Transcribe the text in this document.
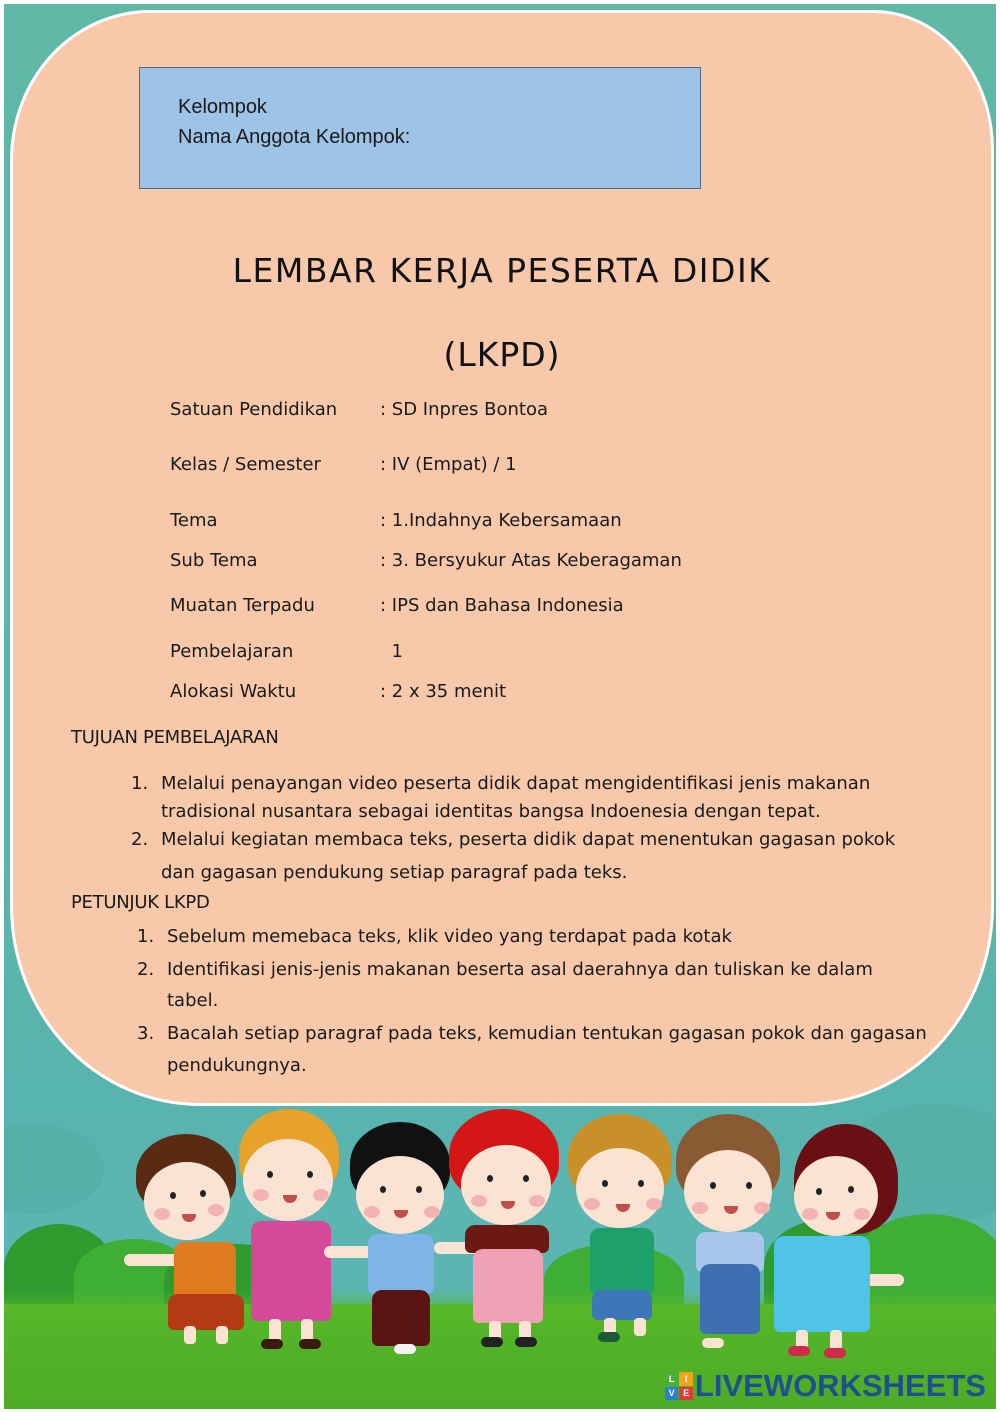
L	I
V E LIVEWORKSHEETS
Kelompok
Nama Anggota Kelompok:
LEMBAR KERJA PESERTA DIDIK
(LKPD)
Satuan Pendidikan	: SD Inpres Bontoa
Kelas / Semester	: IV (Empat) / 1
Tema	: 1.Indahnya Kebersamaan
Sub Tema	: 3. Bersyukur Atas Keberagaman
Muatan Terpadu	: IPS dan Bahasa Indonesia
Pembelajaran	1
Alokasi Waktu	: 2 x 35 menit
TUJUAN PEMBELAJARAN
1. Melalui penayangan video peserta didik dapat mengidentifikasi jenis makanan
tradisional nusantara sebagai identitas bangsa Indoenesia dengan tepat.
2. Melalui kegiatan membaca teks, peserta didik dapat menentukan gagasan pokok
dan gagasan pendukung setiap paragraf pada teks.
PETUNJUK LKPD
1. Sebelum memebaca teks, klik video yang terdapat pada kotak
2. Identifikasi jenis-jenis makanan beserta asal daerahnya dan tuliskan ke dalam
tabel.
3. Bacalah setiap paragraf pada teks, kemudian tentukan gagasan pokok dan gagasan
pendukungnya.
